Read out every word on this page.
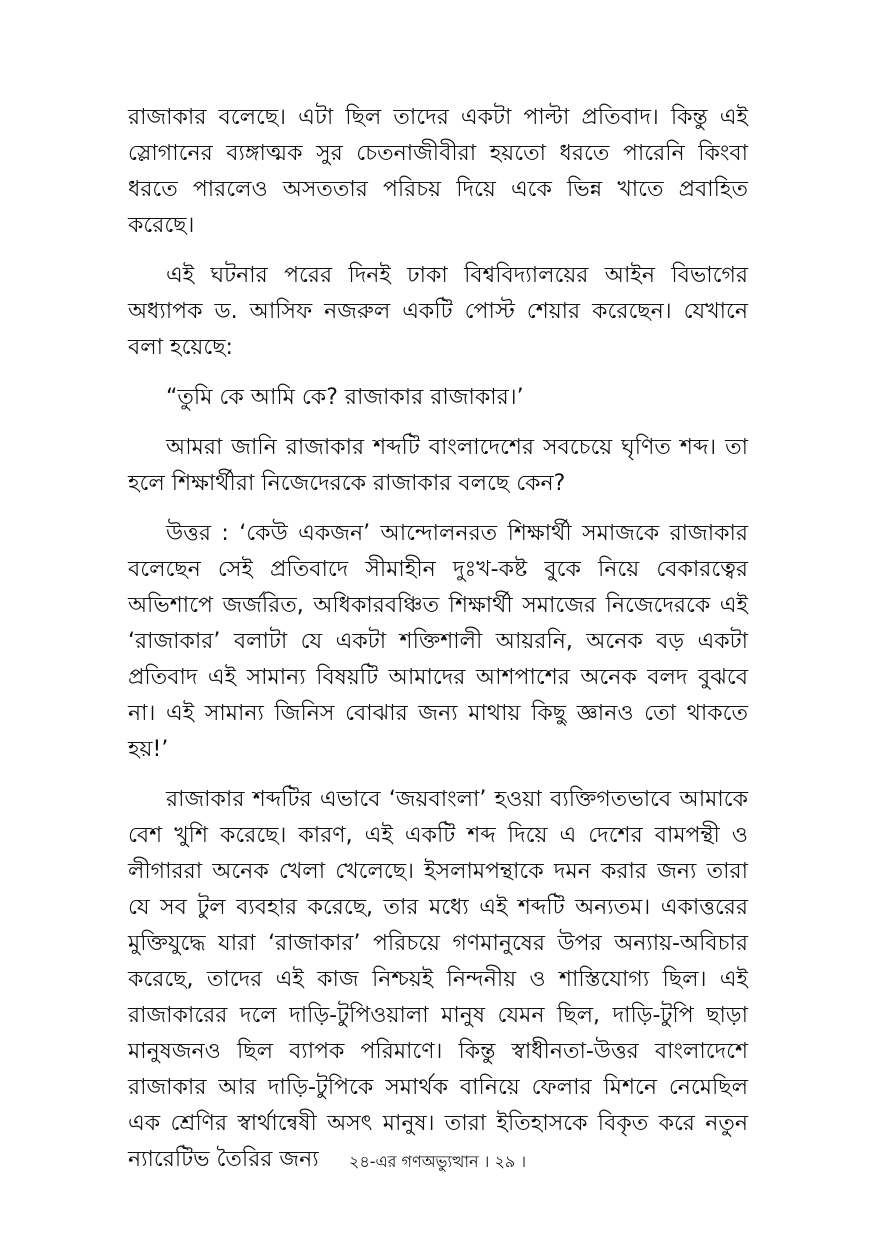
রাজাকার বলেছে। এটা ছিল তাদের একটা পাল্টা প্রতিবাদ। কিন্তু এই স্লোগানের ব্যঙ্গাত্মক সুর চেতনাজীবীরা হয়তো ধরতে পারেনি কিংবা ধরতে পারলেও অসততার পরিচয় দিয়ে একে ভিন্ন খাতে প্রবাহিত করেছে।

এই ঘটনার পরের দিনই ঢাকা বিশ্ববিদ্যালয়ের আইন বিভাগের অধ্যাপক ড. আসিফ নজরুল একটি পোস্ট শেয়ার করেছেন। যেখানে বলা হয়েছে:

“তুমি কে আমি কে? রাজাকার রাজাকার।’

আমরা জানি রাজাকার শব্দটি বাংলাদেশের সবচেয়ে ঘৃণিত শব্দ। তা হলে শিক্ষার্থীরা নিজেদেরকে রাজাকার বলছে কেন?

উত্তর : ‘কেউ একজন’ আন্দোলনরত শিক্ষার্থী সমাজকে রাজাকার বলেছেন সেই প্রতিবাদে সীমাহীন দুঃখ-কষ্ট বুকে নিয়ে বেকারত্বের অভিশাপে জর্জরিত, অধিকারবঞ্চিত শিক্ষার্থী সমাজের নিজেদেরকে এই ‘রাজাকার’ বলাটা যে একটা শক্তিশালী আয়রনি, অনেক বড় একটা প্রতিবাদ এই সামান্য বিষয়টি আমাদের আশপাশের অনেক বলদ বুঝবে না। এই সামান্য জিনিস বোঝার জন্য মাথায় কিছু জ্ঞানও তো থাকতে হয়!’

রাজাকার শব্দটির এভাবে ‘জয়বাংলা’ হওয়া ব্যক্তিগতভাবে আমাকে বেশ খুশি করেছে। কারণ, এই একটি শব্দ দিয়ে এ দেশের বামপন্থী ও লীগাররা অনেক খেলা খেলেছে। ইসলামপন্থাকে দমন করার জন্য তারা যে সব টুল ব্যবহার করেছে, তার মধ্যে এই শব্দটি অন্যতম। একাত্তরের মুক্তিযুদ্ধে যারা ‘রাজাকার’ পরিচয়ে গণমানুষের উপর অন্যায়-অবিচার করেছে, তাদের এই কাজ নিশ্চয়ই নিন্দনীয় ও শাস্তিযোগ্য ছিল। এই রাজাকারের দলে দাড়ি-টুপিওয়ালা মানুষ যেমন ছিল, দাড়ি-টুপি ছাড়া মানুষজনও ছিল ব্যাপক পরিমাণে। কিন্তু স্বাধীনতা-উত্তর বাংলাদেশে রাজাকার আর দাড়ি-টুপিকে সমার্থক বানিয়ে ফেলার মিশনে নেমেছিল এক শ্রেণির স্বার্থান্বেষী অসৎ মানুষ। তারা ইতিহাসকে বিকৃত করে নতুন ন্যারেটিভ তৈরির জন্য	২৪-এর গণঅভ্যুত্থান । ২৯ ।
